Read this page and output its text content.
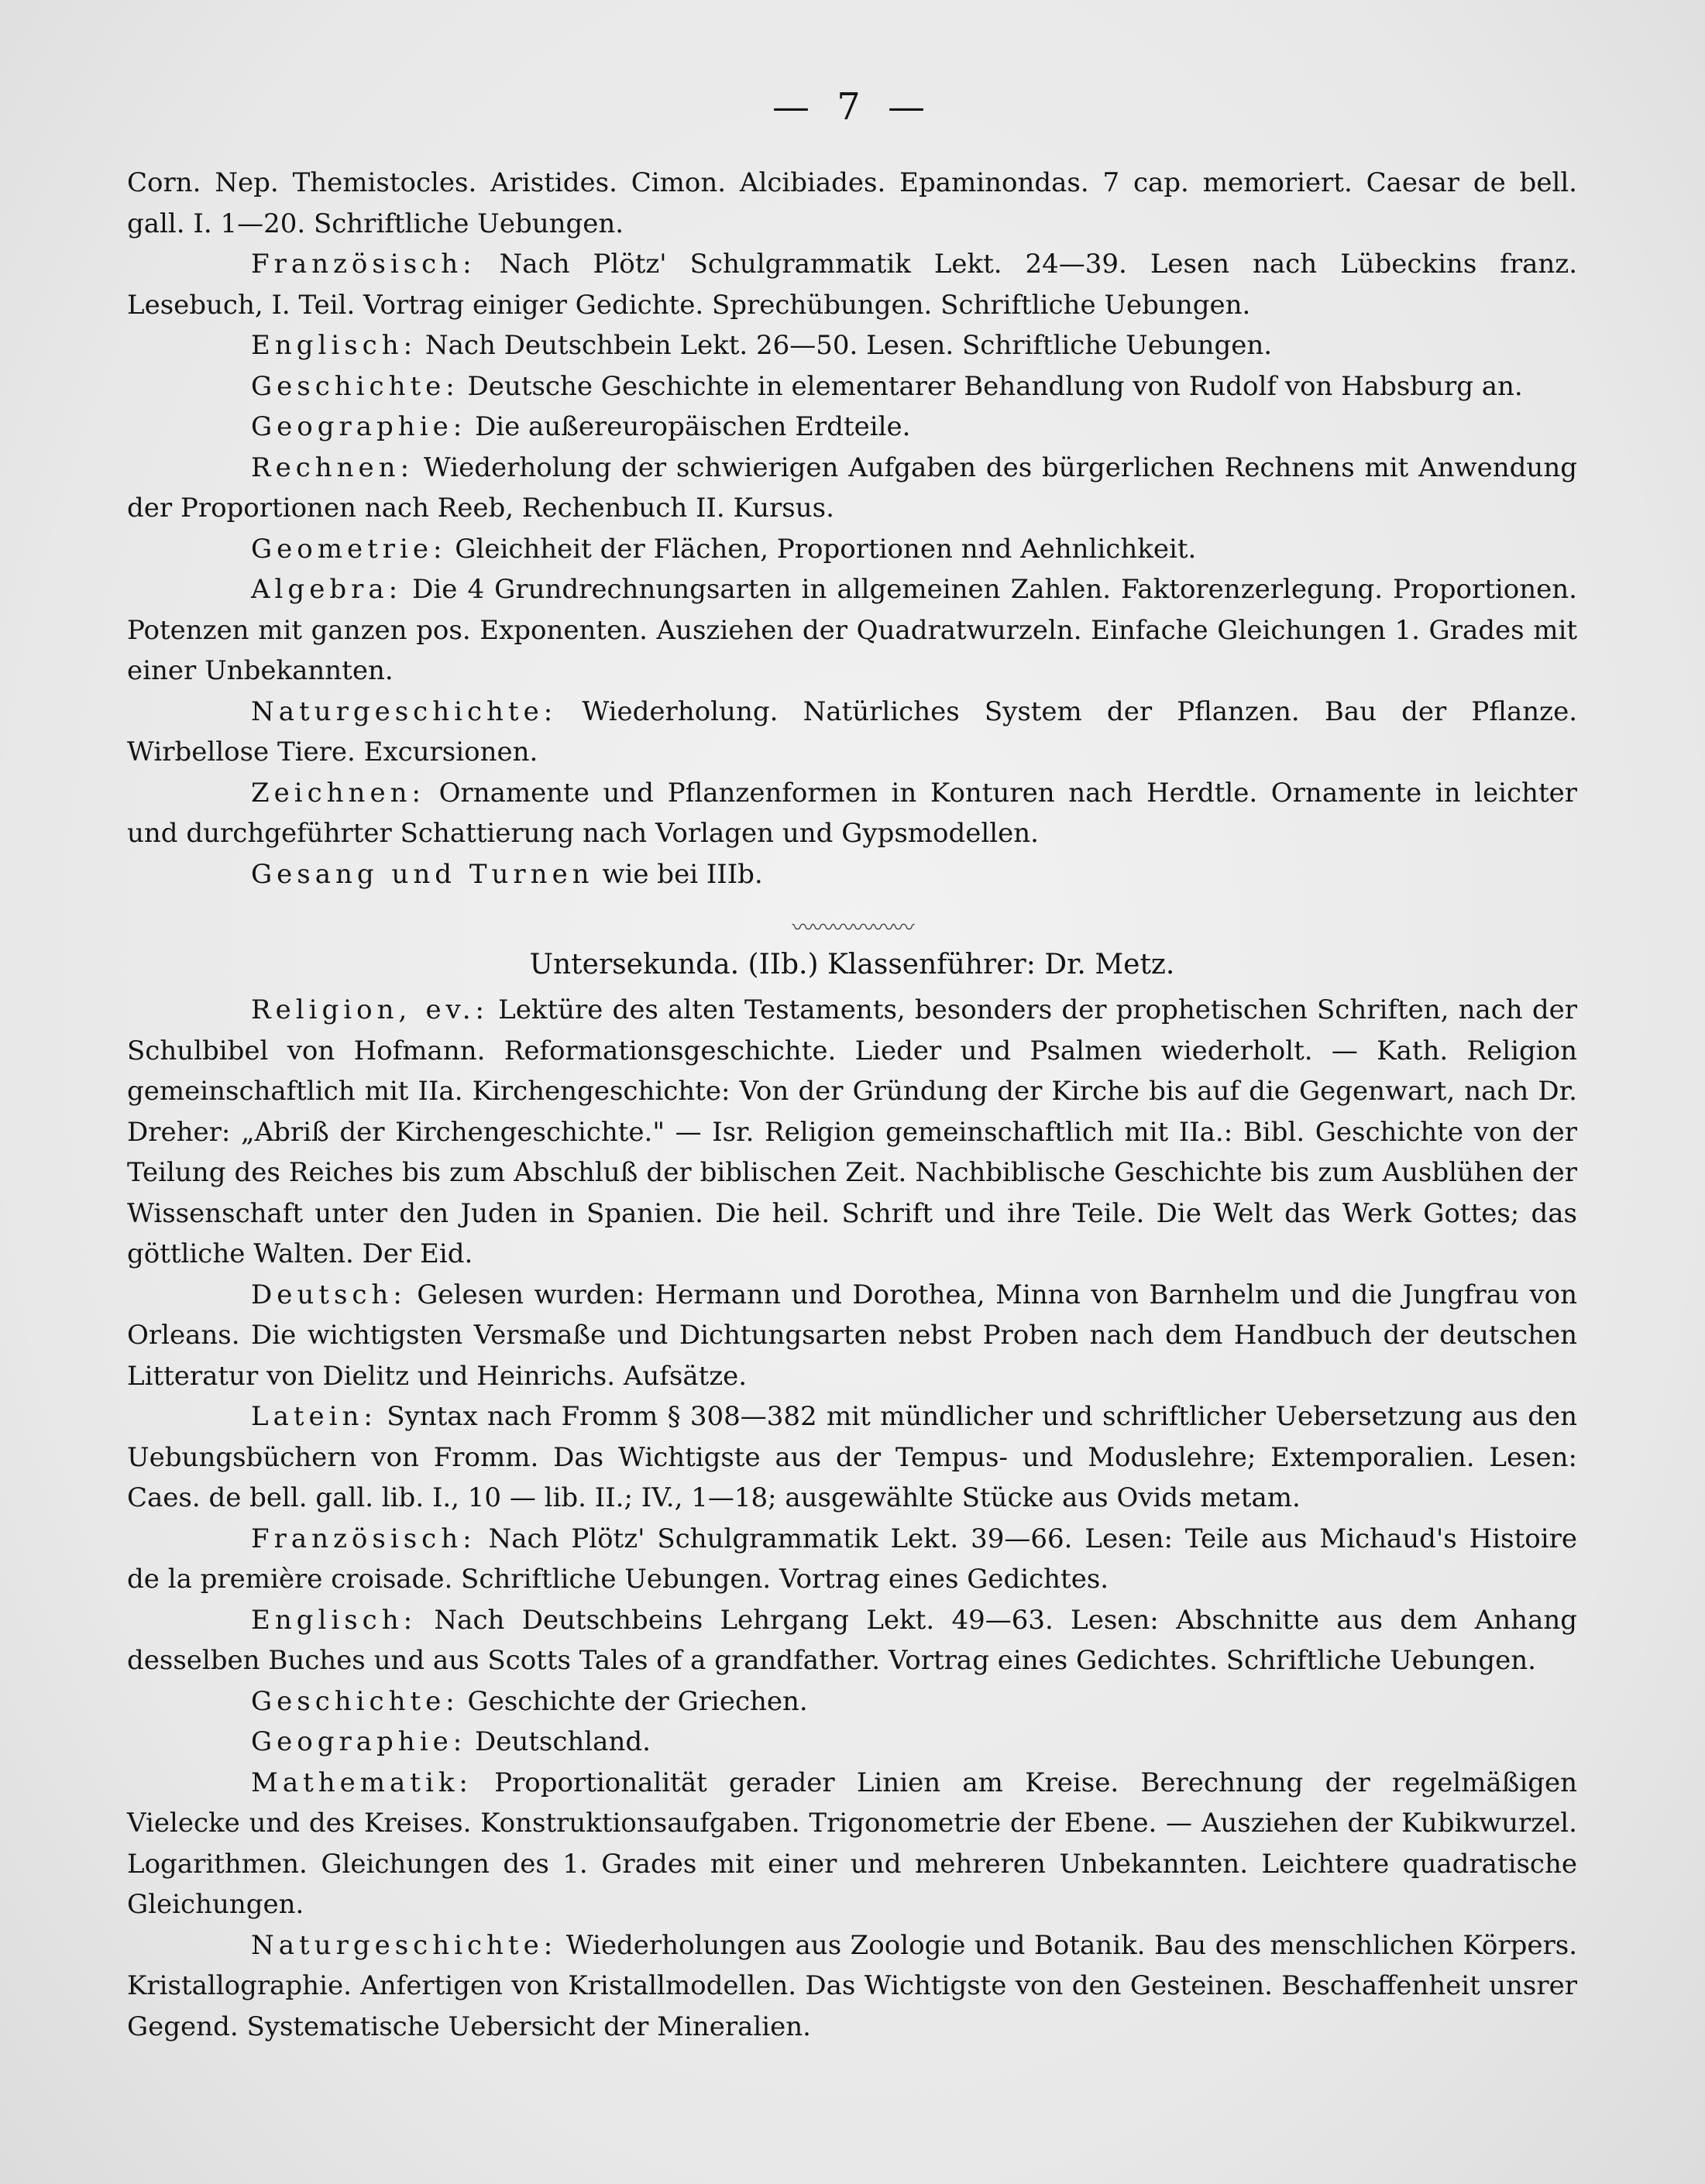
— 7 —

Corn. Nep. Themistocles. Aristides. Cimon. Alcibiades. Epaminondas. 7 cap. memoriert. Caesar de bell. gall. I. 1—20. Schriftliche Uebungen.

Französisch: Nach Plötz' Schulgrammatik Lekt. 24—39. Lesen nach Lübeckins franz. Lesebuch, I. Teil. Vortrag einiger Gedichte. Sprechübungen. Schriftliche Uebungen.

Englisch: Nach Deutschbein Lekt. 26—50. Lesen. Schriftliche Uebungen.

Geschichte: Deutsche Geschichte in elementarer Behandlung von Rudolf von Habsburg an.

Geographie: Die außereuropäischen Erdteile.

Rechnen: Wiederholung der schwierigen Aufgaben des bürgerlichen Rechnens mit Anwendung der Proportionen nach Reeb, Rechenbuch II. Kursus.

Geometrie: Gleichheit der Flächen, Proportionen nnd Aehnlichkeit.

Algebra: Die 4 Grundrechnungsarten in allgemeinen Zahlen. Faktorenzerlegung. Proportionen. Potenzen mit ganzen pos. Exponenten. Ausziehen der Quadratwurzeln. Einfache Gleichungen 1. Grades mit einer Unbekannten.

Naturgeschichte: Wiederholung. Natürliches System der Pflanzen. Bau der Pflanze. Wirbellose Tiere. Excursionen.

Zeichnen: Ornamente und Pflanzenformen in Konturen nach Herdtle. Ornamente in leichter und durchgeführter Schattierung nach Vorlagen und Gypsmodellen.

Gesang und Turnen wie bei IIIb.

〰〰〰〰〰〰

Untersekunda. (IIb.) Klassenführer: Dr. Metz.

Religion, ev.: Lektüre des alten Testaments, besonders der prophetischen Schriften, nach der Schulbibel von Hofmann. Reformationsgeschichte. Lieder und Psalmen wiederholt. — Kath. Religion gemeinschaftlich mit IIa. Kirchengeschichte: Von der Gründung der Kirche bis auf die Gegenwart, nach Dr. Dreher: „Abriß der Kirchengeschichte." — Isr. Religion gemeinschaftlich mit IIa.: Bibl. Geschichte von der Teilung des Reiches bis zum Abschluß der biblischen Zeit. Nachbiblische Geschichte bis zum Ausblühen der Wissenschaft unter den Juden in Spanien. Die heil. Schrift und ihre Teile. Die Welt das Werk Gottes; das göttliche Walten. Der Eid.

Deutsch: Gelesen wurden: Hermann und Dorothea, Minna von Barnhelm und die Jungfrau von Orleans. Die wichtigsten Versmaße und Dichtungsarten nebst Proben nach dem Handbuch der deutschen Litteratur von Dielitz und Heinrichs. Aufsätze.

Latein: Syntax nach Fromm § 308—382 mit mündlicher und schriftlicher Uebersetzung aus den Uebungsbüchern von Fromm. Das Wichtigste aus der Tempus- und Moduslehre; Extemporalien. Lesen: Caes. de bell. gall. lib. I., 10 — lib. II.; IV., 1—18; ausgewählte Stücke aus Ovids metam.

Französisch: Nach Plötz' Schulgrammatik Lekt. 39—66. Lesen: Teile aus Michaud's Histoire de la première croisade. Schriftliche Uebungen. Vortrag eines Gedichtes.

Englisch: Nach Deutschbeins Lehrgang Lekt. 49—63. Lesen: Abschnitte aus dem Anhang desselben Buches und aus Scotts Tales of a grandfather. Vortrag eines Gedichtes. Schriftliche Uebungen.

Geschichte: Geschichte der Griechen.

Geographie: Deutschland.

Mathematik: Proportionalität gerader Linien am Kreise. Berechnung der regelmäßigen Vielecke und des Kreises. Konstruktionsaufgaben. Trigonometrie der Ebene. — Ausziehen der Kubikwurzel. Logarithmen. Gleichungen des 1. Grades mit einer und mehreren Unbekannten. Leichtere quadratische Gleichungen.

Naturgeschichte: Wiederholungen aus Zoologie und Botanik. Bau des menschlichen Körpers. Kristallographie. Anfertigen von Kristallmodellen. Das Wichtigste von den Gesteinen. Beschaffenheit unsrer Gegend. Systematische Uebersicht der Mineralien.
